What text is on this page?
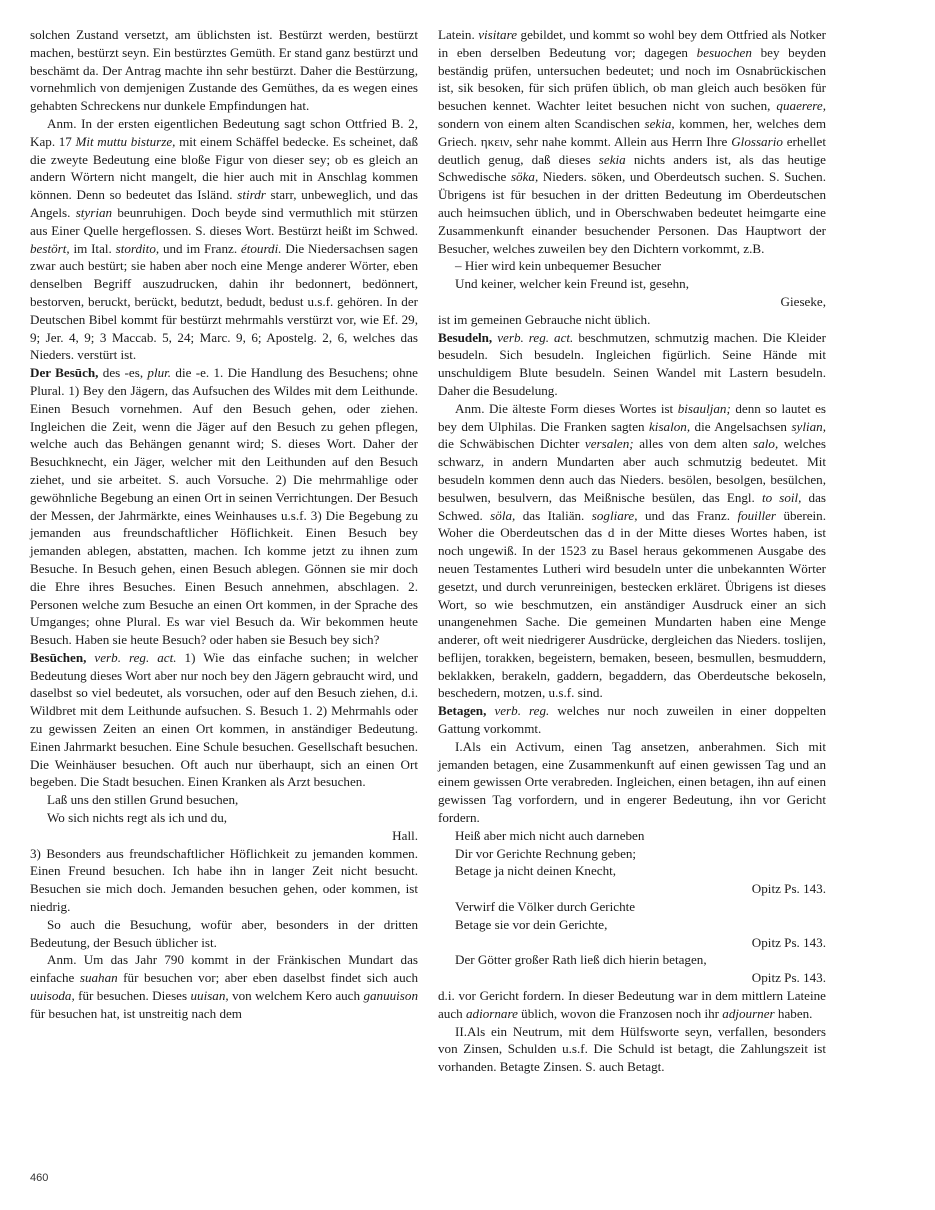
solchen Zustand versetzt, am üblichsten ist. Bestürzt werden, bestürzt machen, bestürzt seyn. Ein bestürztes Gemüth. Er stand ganz bestürzt und beschämt da. Der Antrag machte ihn sehr bestürzt. Daher die Bestürzung, vornehmlich von demjenigen Zustande des Gemüthes, da es wegen eines gehabten Schreckens nur dunkele Empfindungen hat.

Anm. In der ersten eigentlichen Bedeutung sagt schon Ottfried B. 2, Kap. 17 Mit muttu bisturze, mit einem Schäffel bedecke. Es scheinet, daß die zweyte Bedeutung eine bloße Figur von dieser sey; ob es gleich an andern Wörtern nicht mangelt, die hier auch mit in Anschlag kommen können. Denn so bedeutet das Isländ. stirdr starr, unbeweglich, und das Angels. styrian beunruhigen. Doch beyde sind vermuthlich mit stürzen aus Einer Quelle hergeflossen. S. dieses Wort. Bestürzt heißt im Schwed. bestört, im Ital. stordito, und im Franz. étourdi. Die Niedersachsen sagen zwar auch bestürt; sie haben aber noch eine Menge anderer Wörter, eben denselben Begriff auszudrucken, dahin ihr bedonnert, bedönnert, bestorven, beruckt, berückt, bedutzt, bedudt, bedust u.s.f. gehören. In der Deutschen Bibel kommt für bestürzt mehrmahls verstürzt vor, wie Ef. 29, 9; Jer. 4, 9; 3 Maccab. 5, 24; Marc. 9, 6; Apostelg. 2, 6, welches das Nieders. verstürt ist.

Der Besūch, des -es, plur. die -e. 1. Die Handlung des Besuchens; ohne Plural. 1) Bey den Jägern, das Aufsuchen des Wildes mit dem Leithunde. Einen Besuch vornehmen. Auf den Besuch gehen, oder ziehen. Ingleichen die Zeit, wenn die Jäger auf den Besuch zu gehen pflegen, welche auch das Behängen genannt wird; S. dieses Wort. Daher der Besuchknecht, ein Jäger, welcher mit den Leithunden auf den Besuch ziehet, und sie arbeitet. S. auch Vorsuche. 2) Die mehrmahlige oder gewöhnliche Begebung an einen Ort in seinen Verrichtungen. Der Besuch der Messen, der Jahrmärkte, eines Weinhauses u.s.f. 3) Die Begebung zu jemanden aus freundschaftlicher Höflichkeit. Einen Besuch bey jemanden ablegen, abstatten, machen. Ich komme jetzt zu ihnen zum Besuche. In Besuch gehen, einen Besuch ablegen. Gönnen sie mir doch die Ehre ihres Besuches. Einen Besuch annehmen, abschlagen. 2. Personen welche zum Besuche an einen Ort kommen, in der Sprache des Umganges; ohne Plural. Es war viel Besuch da. Wir bekommen heute Besuch. Haben sie heute Besuch? oder haben sie Besuch bey sich?

Besūchen, verb. reg. act. 1) Wie das einfache suchen; in welcher Bedeutung dieses Wort aber nur noch bey den Jägern gebraucht wird, und daselbst so viel bedeutet, als vorsuchen, oder auf den Besuch ziehen, d.i. Wildbret mit dem Leithunde aufsuchen. S. Besuch 1. 2) Mehrmahls oder zu gewissen Zeiten an einen Ort kommen, in anständiger Bedeutung. Einen Jahrmarkt besuchen. Eine Schule besuchen. Gesellschaft besuchen. Die Weinhäuser besuchen. Oft auch nur überhaupt, sich an einen Ort begeben. Die Stadt besuchen. Einen Kranken als Arzt besuchen.

Laß uns den stillen Grund besuchen,

Wo sich nichts regt als ich und du,

Hall.

3) Besonders aus freundschaftlicher Höflichkeit zu jemanden kommen. Einen Freund besuchen. Ich habe ihn in langer Zeit nicht besucht. Besuchen sie mich doch. Jemanden besuchen gehen, oder kommen, ist niedrig.

So auch die Besuchung, wofür aber, besonders in der dritten Bedeutung, der Besuch üblicher ist.

Anm. Um das Jahr 790 kommt in der Fränkischen Mundart das einfache suahan für besuchen vor; aber eben daselbst findet sich auch uuisoda, für besuchen. Dieses uuisan, von welchem Kero auch ganuuison für besuchen hat, ist unstreitig nach dem

Latein. visitare gebildet, und kommt so wohl bey dem Ottfried als Notker in eben derselben Bedeutung vor; dagegen besuochen bey beyden beständig prüfen, untersuchen bedeutet; und noch im Osnabrückischen ist, sik besoken, für sich prüfen üblich, ob man gleich auch besöken für besuchen kennet. Wachter leitet besuchen nicht von suchen, quaerere, sondern von einem alten Scandischen sekia, kommen, her, welches dem Griech. ηκειν, sehr nahe kommt. Allein aus Herrn Ihre Glossario erhellet deutlich genug, daß dieses sekia nichts anders ist, als das heutige Schwedische söka, Nieders. söken, und Oberdeutsch suchen. S. Suchen. Übrigens ist für besuchen in der dritten Bedeutung im Oberdeutschen auch heimsuchen üblich, und in Oberschwaben bedeutet heimgarte eine Zusammenkunft einander besuchender Personen. Das Hauptwort der Besucher, welches zuweilen bey den Dichtern vorkommt, z.B.

– Hier wird kein unbequemer Besucher

Und keiner, welcher kein Freund ist, gesehn,

Gieseke,

ist im gemeinen Gebrauche nicht üblich.

Besudeln, verb. reg. act. beschmutzen, schmutzig machen. Die Kleider besudeln. Sich besudeln. Ingleichen figürlich. Seine Hände mit unschuldigem Blute besudeln. Seinen Wandel mit Lastern besudeln. Daher die Besudelung.

Anm. Die älteste Form dieses Wortes ist bisauljan; denn so lautet es bey dem Ulphilas. Die Franken sagten kisalon, die Angelsachsen sylian, die Schwäbischen Dichter versalen; alles von dem alten salo, welches schwarz, in andern Mundarten aber auch schmutzig bedeutet. Mit besudeln kommen denn auch das Nieders. besölen, besolgen, besülchen, besulwen, besulvern, das Meißnische besülen, das Engl. to soil, das Schwed. söla, das Italiän. sogliare, und das Franz. fouiller überein. Woher die Oberdeutschen das d in der Mitte dieses Wortes haben, ist noch ungewiß. In der 1523 zu Basel heraus gekommenen Ausgabe des neuen Testamentes Lutheri wird besudeln unter die unbekannten Wörter gesetzt, und durch verunreinigen, bestecken erkläret. Übrigens ist dieses Wort, so wie beschmutzen, ein anständiger Ausdruck einer an sich unangenehmen Sache. Die gemeinen Mundarten haben eine Menge anderer, oft weit niedrigerer Ausdrücke, dergleichen das Nieders. toslijen, beflijen, torakken, begeistern, bemaken, beseen, besmullen, besmuddern, beklakken, berakeln, gaddern, begaddern, das Oberdeutsche bekoseln, beschedern, motzen, u.s.f. sind.

Betagen, verb. reg. welches nur noch zuweilen in einer doppelten Gattung vorkommt.

I.Als ein Activum, einen Tag ansetzen, anberahmen. Sich mit jemanden betagen, eine Zusammenkunft auf einen gewissen Tag und an einem gewissen Orte verabreden. Ingleichen, einen betagen, ihn auf einen gewissen Tag vorfordern, und in engerer Bedeutung, ihn vor Gericht fordern.

Heiß aber mich nicht auch darneben

Dir vor Gerichte Rechnung geben;

Betage ja nicht deinen Knecht,

Opitz Ps. 143.

Verwirf die Völker durch Gerichte

Betage sie vor dein Gerichte,

Opitz Ps. 143.

Der Götter großer Rath ließ dich hierin betagen,

Opitz Ps. 143.

d.i. vor Gericht fordern. In dieser Bedeutung war in dem mittlern Lateine auch adiornare üblich, wovon die Franzosen noch ihr adjourner haben.

II.Als ein Neutrum, mit dem Hülfsworte seyn, verfallen, besonders von Zinsen, Schulden u.s.f. Die Schuld ist betagt, die Zahlungszeit ist vorhanden. Betagte Zinsen. S. auch Betagt.

460
